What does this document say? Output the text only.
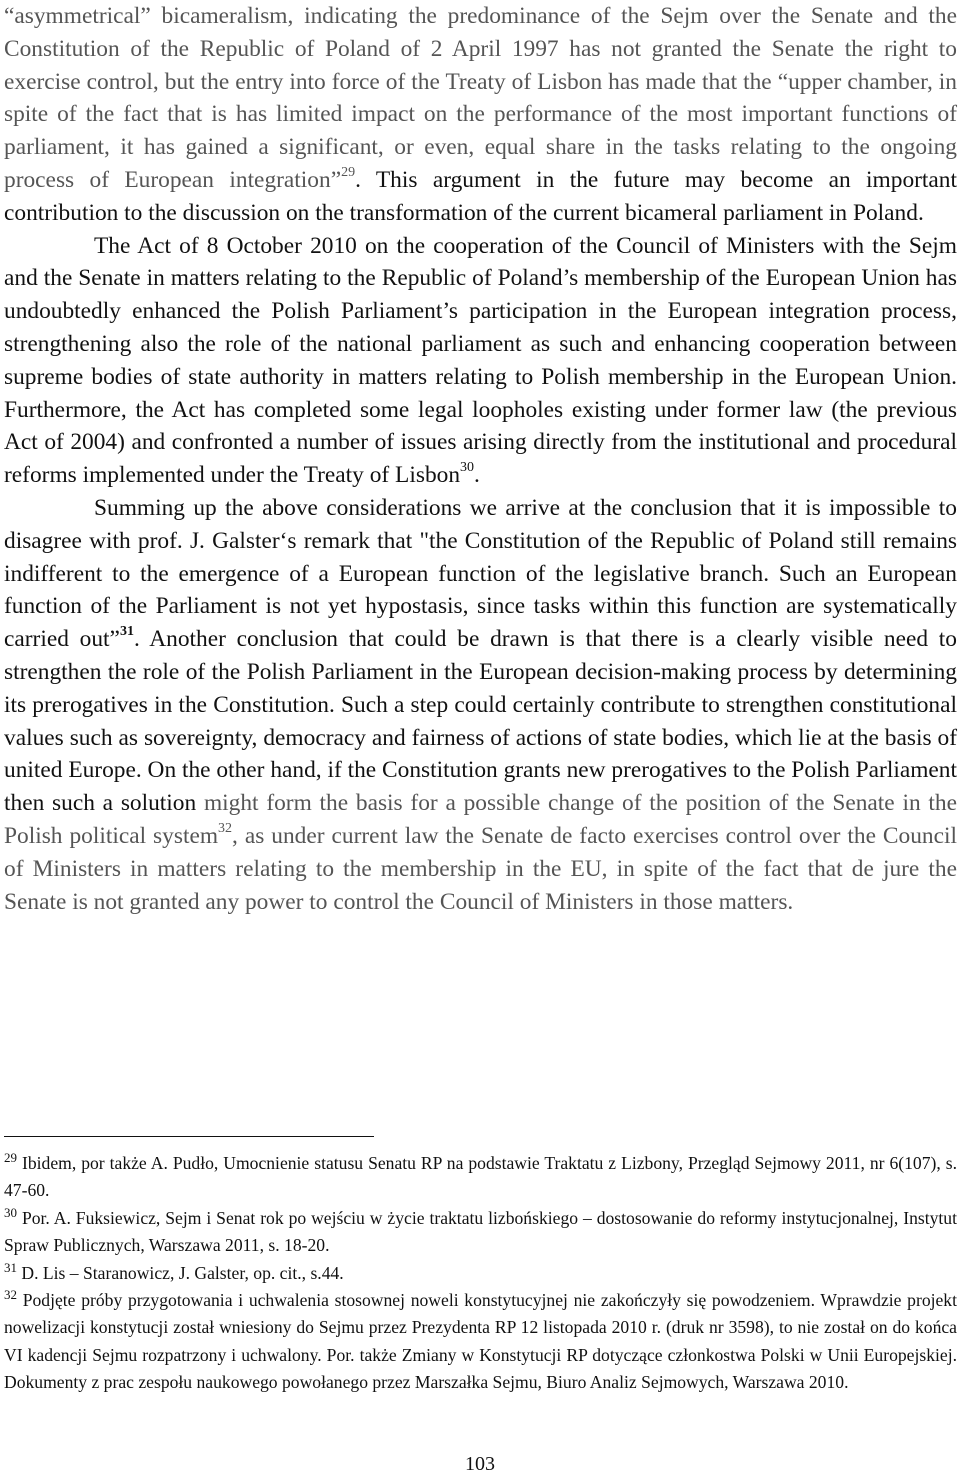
“asymmetrical” bicameralism, indicating the predominance of the Sejm over the Senate and the Constitution of the Republic of Poland of 2 April 1997 has not granted the Senate the right to exercise control, but the entry into force of the Treaty of Lisbon has made that the “upper chamber, in spite of the fact that is has limited impact on the performance of the most important functions of parliament, it has gained a significant, or even, equal share in the tasks relating to the ongoing process of European integration”$^{29}$. This argument in the future may become an important contribution to the discussion on the transformation of the current bicameral parliament in Poland.

The Act of 8 October 2010 on the cooperation of the Council of Ministers with the Sejm and the Senate in matters relating to the Republic of Poland’s membership of the European Union has undoubtedly enhanced the Polish Parliament’s participation in the European integration process, strengthening also the role of the national parliament as such and enhancing cooperation between supreme bodies of state authority in matters relating to Polish membership in the European Union. Furthermore, the Act has completed some legal loopholes existing under former law (the previous Act of 2004) and confronted a number of issues arising directly from the institutional and procedural reforms implemented under the Treaty of Lisbon$^{30}$.

Summing up the above considerations we arrive at the conclusion that it is impossible to disagree with prof. J. Galster‘s remark that "the Constitution of the Republic of Poland still remains indifferent to the emergence of a European function of the legislative branch. Such an European function of the Parliament is not yet hypostasis, since tasks within this function are systematically carried out”$^{31}$. Another conclusion that could be drawn is that there is a clearly visible need to strengthen the role of the Polish Parliament in the European decision-making process by determining its prerogatives in the Constitution. Such a step could certainly contribute to strengthen constitutional values such as sovereignty, democracy and fairness of actions of state bodies, which lie at the basis of united Europe. On the other hand, if the Constitution grants new prerogatives to the Polish Parliament then such a solution might form the basis for a possible change of the position of the Senate in the Polish political system$^{32}$, as under current law the Senate de facto exercises control over the Council of Ministers in matters relating to the membership in the EU, in spite of the fact that de jure the Senate is not granted any power to control the Council of Ministers in those matters.

$^{29}$ Ibidem, por także A. Pudło, Umocnienie statusu Senatu RP na podstawie Traktatu z Lizbony, Przegląd Sejmowy 2011, nr 6(107), s. 47-60.

$^{30}$ Por. A. Fuksiewicz, Sejm i Senat rok po wejściu w życie traktatu lizbońskiego – dostosowanie do reformy instytucjonalnej, Instytut Spraw Publicznych, Warszawa 2011, s. 18-20.

$^{31}$ D. Lis – Staranowicz, J. Galster, op. cit., s.44.

$^{32}$ Podjęte próby przygotowania i uchwalenia stosownej noweli konstytucyjnej nie zakończyły się powodzeniem. Wprawdzie projekt nowelizacji konstytucji został wniesiony do Sejmu przez Prezydenta RP 12 listopada 2010 r. (druk nr 3598), to nie został on do końca VI kadencji Sejmu rozpatrzony i uchwalony. Por. także Zmiany w Konstytucji RP dotyczące członkostwa Polski w Unii Europejskiej. Dokumenty z prac zespołu naukowego powołanego przez Marszałka Sejmu, Biuro Analiz Sejmowych, Warszawa 2010.

103
